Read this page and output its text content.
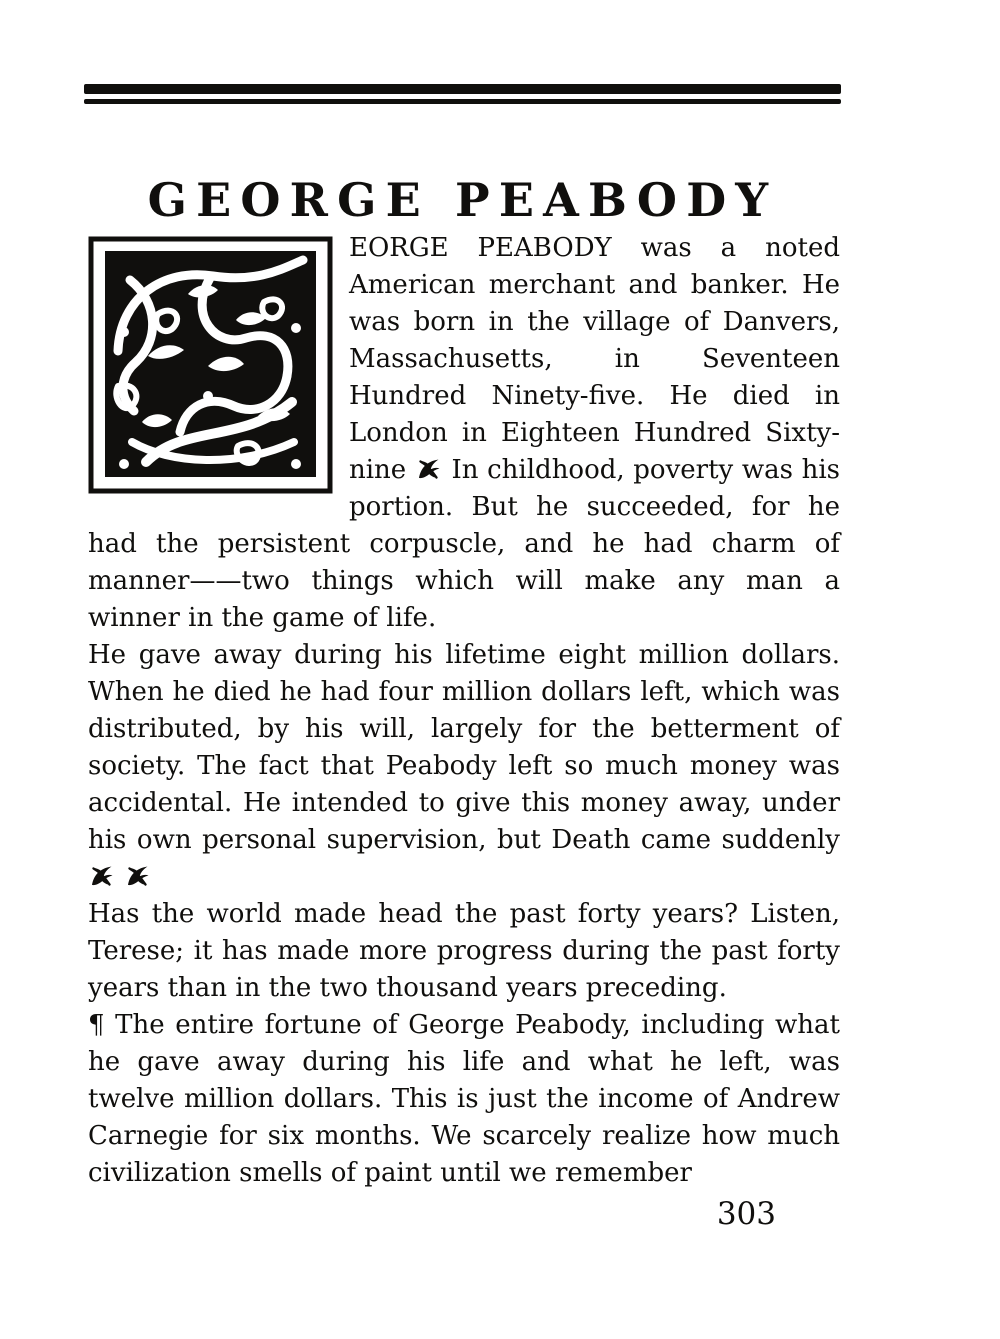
GEORGE PEABODY

EORGE PEABODY was a noted American merchant and banker. He was born in the village of Danvers, Massachusetts, in Seventeen Hundred Ninety-five. He died in London in Eighteen Hundred Sixty-nine
In childhood, poverty was his portion. But he succeeded, for he had the persistent corpuscle, and he had charm of manner——two things which will make any man a winner in the game of life.

He gave away during his lifetime eight million dollars. When he died he had four million dollars left, which was distributed, by his will, largely for the betterment of society. The fact that Peabody left so much money was accidental. He intended to give this money away, under his own personal supervision, but Death came suddenly

Has the world made head the past forty years? Listen, Terese; it has made more progress during the past forty years than in the two thousand years preceding.

¶ The entire fortune of George Peabody, including what he gave away during his life and what he left, was twelve million dollars. This is just the income of Andrew Carnegie for six months. We scarcely realize how much civilization smells of paint until we remember

303
